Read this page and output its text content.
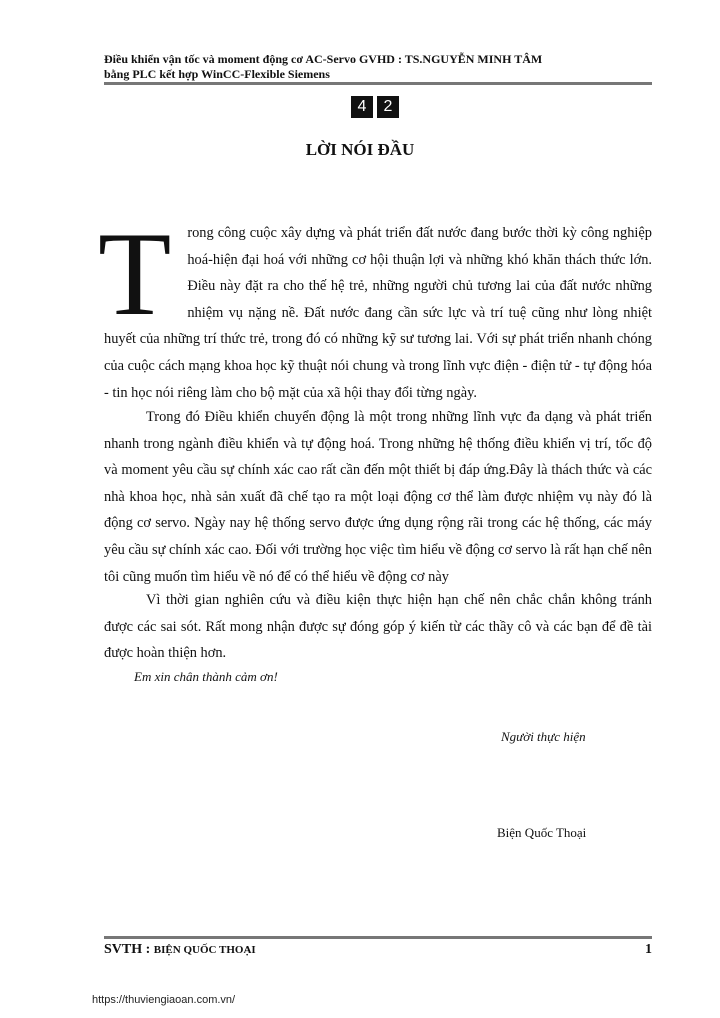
Điều khiển vận tốc và moment động cơ AC-Servo GVHD : TS.NGUYỄN MINH TÂM
bằng PLC kết hợp WinCC-Flexible Siemens
4	2
LỜI NÓI ĐẦU

T rong công cuộc xây dựng và phát triển đất nước đang bước thời kỳ công nghiệp hoá-hiện đại hoá với những cơ hội thuận lợi và những khó khăn thách thức lớn. Điều này đặt ra cho thế hệ trẻ, những người chủ tương lai của đất nước những nhiệm vụ nặng nề. Đất nước đang cần sức lực và trí tuệ cũng như lòng nhiệt huyết của những trí thức trẻ, trong đó có những kỹ sư tương lai. Với sự phát triển nhanh chóng của cuộc cách mạng khoa học kỹ thuật nói chung và trong lĩnh vực điện - điện tử - tự động hóa - tin học nói riêng làm cho bộ mặt của xã hội thay đổi từng ngày.

Trong đó Điều khiển chuyển động là một trong những lĩnh vực đa dạng và phát triển nhanh trong ngành điều khiển và tự động hoá. Trong những hệ thống điều khiển vị trí, tốc độ và moment yêu cầu sự chính xác cao rất cần đến một thiết bị đáp ứng.Đây là thách thức và các nhà khoa học, nhà sản xuất đã chế tạo ra một loại động cơ thể làm được nhiệm vụ này đó là động cơ servo. Ngày nay hệ thống servo được ứng dụng rộng rãi trong các hệ thống, các máy yêu cầu sự chính xác cao. Đối với trường học việc tìm hiểu về động cơ servo là rất hạn chế nên tôi cũng muốn tìm hiểu về nó để có thể hiểu về động cơ này

Vì thời gian nghiên cứu và điều kiện thực hiện hạn chế nên chắc chắn không tránh được các sai sót. Rất mong nhận được sự đóng góp ý kiến từ các thầy cô và các bạn để đề tài được hoàn thiện hơn.

Em xin chân thành cảm ơn!
Người thực hiện
Biện Quốc Thoại
SVTH : BIỆN QUỐC THOẠI	1
https://thuviengiaoan.com.vn/
